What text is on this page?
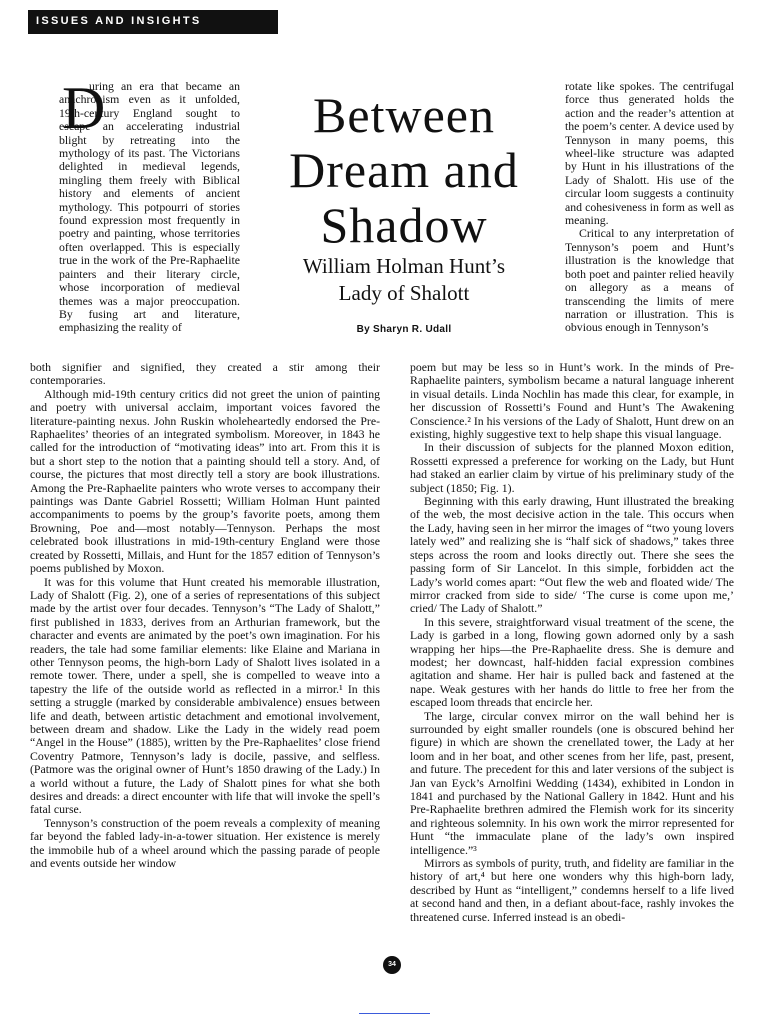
ISSUES AND INSIGHTS
D
uring an era that became an anachronism even as it unfolded, 19th-century England sought to escape an accelerating industrial blight by retreating into the mythology of its past. The Victorians delighted in medieval legends, mingling them freely with Biblical history and elements of ancient mythology. This potpourri of stories found expression most frequently in poetry and painting, whose territories often overlapped. This is especially true in the work of the Pre-Raphaelite painters and their literary circle, whose incorporation of medieval themes was a major preoccupation. By fusing art and literature, emphasizing the reality of
Between
Dream and
Shadow
William Holman Hunt’s
Lady of Shalott
By Sharyn R. Udall

rotate like spokes. The centrifugal force thus generated holds the action and the reader’s attention at the poem’s center. A device used by Tennyson in many poems, this wheel-like structure was adapted by Hunt in his illustrations of the Lady of Shalott. His use of the circular loom suggests a continuity and cohesiveness in form as well as meaning.

Critical to any interpretation of Tennyson’s poem and Hunt’s illustration is the knowledge that both poet and painter relied heavily on allegory as a means of transcending the limits of mere narration or illustration. This is obvious enough in Tennyson’s

both signifier and signified, they created a stir among their contemporaries.

Although mid-19th century critics did not greet the union of painting and poetry with universal acclaim, important voices favored the literature-painting nexus. John Ruskin wholeheartedly endorsed the Pre-Raphaelites’ theories of an integrated symbolism. Moreover, in 1843 he called for the introduction of “motivating ideas” into art. From this it is but a short step to the notion that a painting should tell a story. And, of course, the pictures that most directly tell a story are book illustrations. Among the Pre-Raphaelite painters who wrote verses to accompany their paintings was Dante Gabriel Rossetti; William Holman Hunt painted accompaniments to poems by the group’s favorite poets, among them Browning, Poe and—most notably—Tennyson. Perhaps the most celebrated book illustrations in mid-19th-century England were those created by Rossetti, Millais, and Hunt for the 1857 edition of Tennyson’s poems published by Moxon.

It was for this volume that Hunt created his memorable illustration, Lady of Shalott (Fig. 2), one of a series of representations of this subject made by the artist over four decades. Tennyson’s “The Lady of Shalott,” first published in 1833, derives from an Arthurian framework, but the character and events are animated by the poet’s own imagination. For his readers, the tale had some familiar elements: like Elaine and Mariana in other Tennyson peoms, the high-born Lady of Shalott lives isolated in a remote tower. There, under a spell, she is compelled to weave into a tapestry the life of the outside world as reflected in a mirror.¹ In this setting a struggle (marked by considerable ambivalence) ensues between life and death, between artistic detachment and emotional involvement, between dream and shadow. Like the Lady in the widely read poem “Angel in the House” (1885), written by the Pre-Raphaelites’ close friend Coventry Patmore, Tennyson’s lady is docile, passive, and selfless. (Patmore was the original owner of Hunt’s 1850 drawing of the Lady.) In a world without a future, the Lady of Shalott pines for what she both desires and dreads: a direct encounter with life that will invoke the spell’s fatal curse.

Tennyson’s construction of the poem reveals a complexity of meaning far beyond the fabled lady-in-a-tower situation. Her existence is merely the immobile hub of a wheel around which the passing parade of people and events outside her window

poem but may be less so in Hunt’s work. In the minds of Pre-Raphaelite painters, symbolism became a natural language inherent in visual details. Linda Nochlin has made this clear, for example, in her discussion of Rossetti’s Found and Hunt’s The Awakening Conscience.² In his versions of the Lady of Shalott, Hunt drew on an existing, highly suggestive text to help shape this visual language.

In their discussion of subjects for the planned Moxon edition, Rossetti expressed a preference for working on the Lady, but Hunt had staked an earlier claim by virtue of his preliminary study of the subject (1850; Fig. 1).

Beginning with this early drawing, Hunt illustrated the breaking of the web, the most decisive action in the tale. This occurs when the Lady, having seen in her mirror the images of “two young lovers lately wed” and realizing she is “half sick of shadows,” takes three steps across the room and looks directly out. There she sees the passing form of Sir Lancelot. In this simple, forbidden act the Lady’s world comes apart: “Out flew the web and floated wide/ The mirror cracked from side to side/ ‘The curse is come upon me,’ cried/ The Lady of Shalott.”

In this severe, straightforward visual treatment of the scene, the Lady is garbed in a long, flowing gown adorned only by a sash wrapping her hips—the Pre-Raphaelite dress. She is demure and modest; her downcast, half-hidden facial expression combines agitation and shame. Her hair is pulled back and fastened at the nape. Weak gestures with her hands do little to free her from the escaped loom threads that encircle her.

The large, circular convex mirror on the wall behind her is surrounded by eight smaller roundels (one is obscured behind her figure) in which are shown the crenellated tower, the Lady at her loom and in her boat, and other scenes from her life, past, present, and future. The precedent for this and later versions of the subject is Jan van Eyck’s Arnolfini Wedding (1434), exhibited in London in 1841 and purchased by the National Gallery in 1842. Hunt and his Pre-Raphaelite brethren admired the Flemish work for its sincerity and righteous solemnity. In his own work the mirror represented for Hunt “the immaculate plane of the lady’s own inspired intelligence.”³

Mirrors as symbols of purity, truth, and fidelity are familiar in the history of art,⁴ but here one wonders why this high-born lady, described by Hunt as “intelligent,” condemns herself to a life lived at second hand and then, in a defiant about-face, rashly invokes the threatened curse. Inferred instead is an obedi-

34
